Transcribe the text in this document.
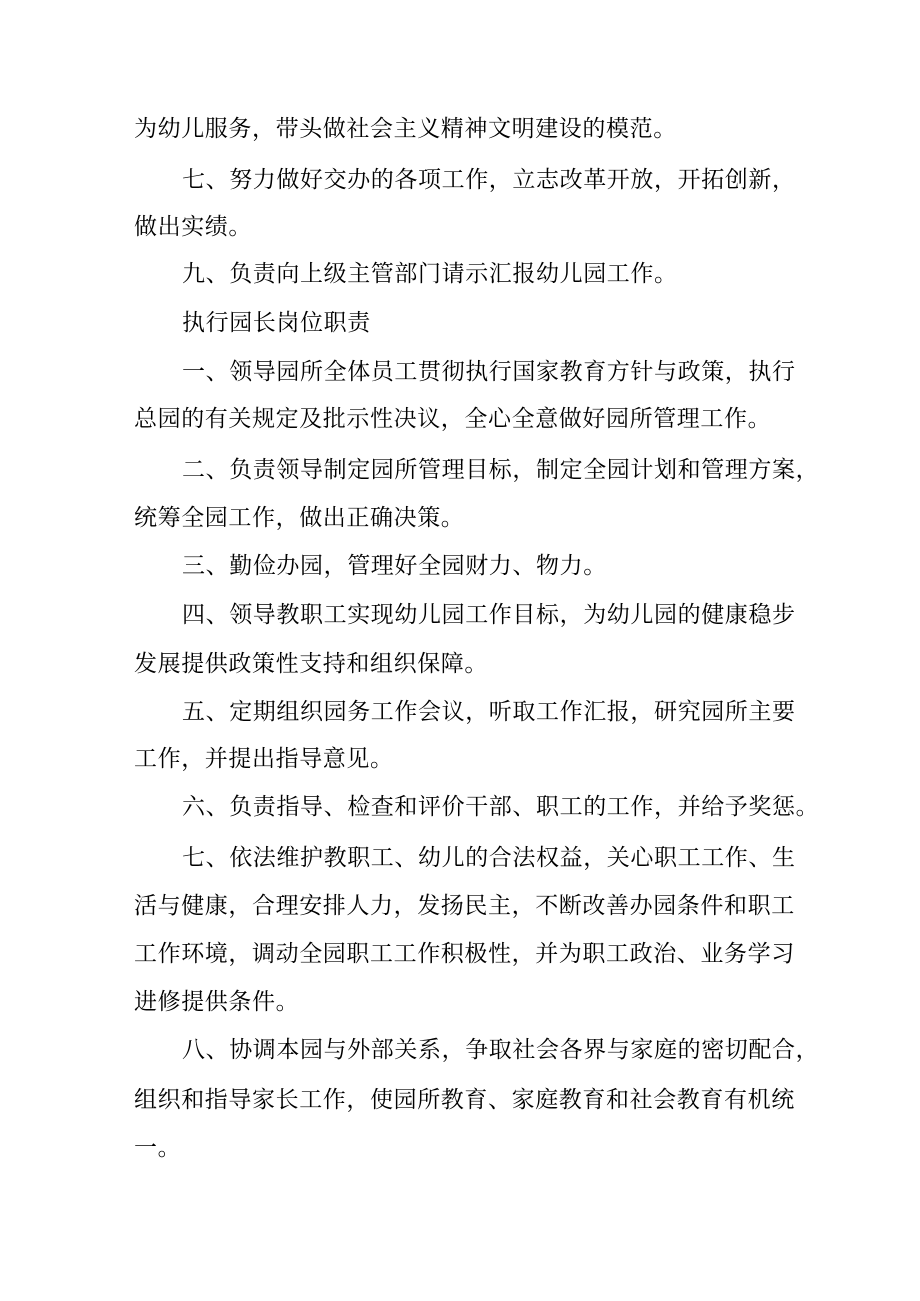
为幼儿服务，带头做社会主义精神文明建设的模范。
七、努力做好交办的各项工作，立志改革开放，开拓创新，
做出实绩。
九、负责向上级主管部门请示汇报幼儿园工作。
执行园长岗位职责
一、领导园所全体员工贯彻执行国家教育方针与政策，执行
总园的有关规定及批示性决议，全心全意做好园所管理工作。
二、负责领导制定园所管理目标，制定全园计划和管理方案，
统筹全园工作，做出正确决策。
三、勤俭办园，管理好全园财力、物力。
四、领导教职工实现幼儿园工作目标，为幼儿园的健康稳步
发展提供政策性支持和组织保障。
五、定期组织园务工作会议，听取工作汇报，研究园所主要
工作，并提出指导意见。
六、负责指导、检查和评价干部、职工的工作，并给予奖惩。
七、依法维护教职工、幼儿的合法权益，关心职工工作、生
活与健康，合理安排人力，发扬民主，不断改善办园条件和职工
工作环境，调动全园职工工作积极性，并为职工政治、业务学习
进修提供条件。
八、协调本园与外部关系，争取社会各界与家庭的密切配合，
组织和指导家长工作，使园所教育、家庭教育和社会教育有机统
一。
